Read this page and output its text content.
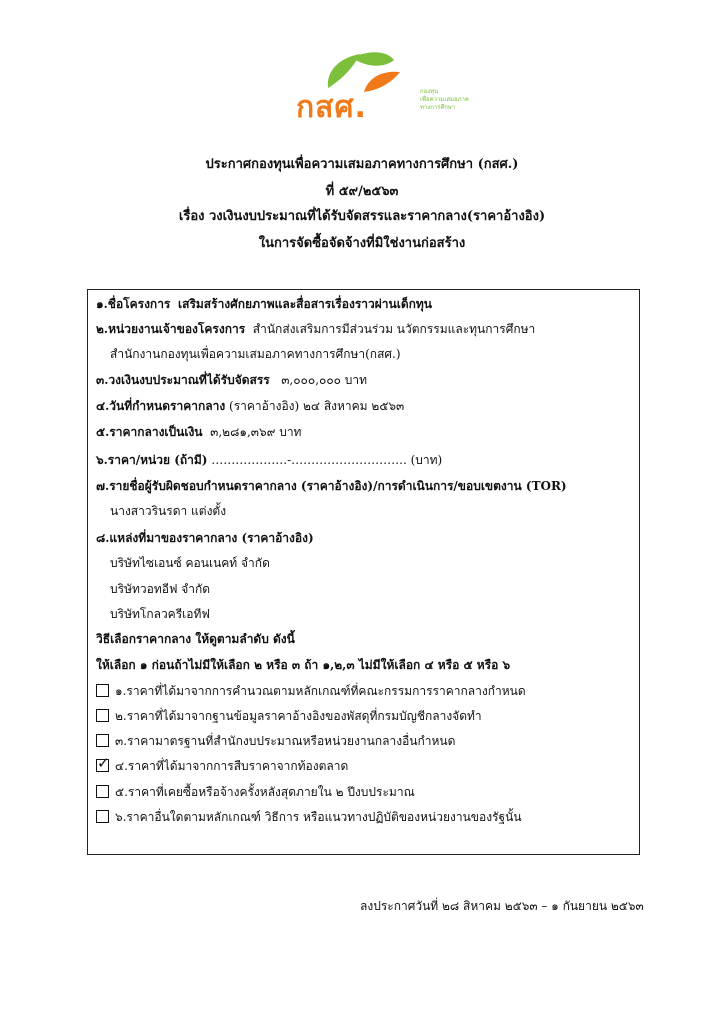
กสศ.	กองทุน
เพื่อความเสมอภาค
ทางการศึกษา
ประกาศกองทุนเพื่อความเสมอภาคทางการศึกษา (กสศ.)
ที่ ๕๙/๒๕๖๓
เรื่อง วงเงินงบประมาณที่ได้รับจัดสรรและราคากลาง(ราคาอ้างอิง)
ในการจัดซื้อจัดจ้างที่มิใช่งานก่อสร้าง
๑.ชื่อโครงการ เสริมสร้างศักยภาพและสื่อสารเรื่องราวผ่านเด็กทุน
๒.หน่วยงานเจ้าของโครงการ สำนักส่งเสริมการมีส่วนร่วม นวัตกรรมและทุนการศึกษา
สำนักงานกองทุนเพื่อความเสมอภาคทางการศึกษา(กสศ.)
๓.วงเงินงบประมาณที่ได้รับจัดสรร ๓,๐๐๐,๐๐๐ บาท
๔.วันที่กำหนดราคากลาง (ราคาอ้างอิง) ๒๔ สิงหาคม ๒๕๖๓
๕.ราคากลางเป็นเงิน ๓,๒๘๑,๓๖๙ บาท
๖.ราคา/หน่วย (ถ้ามี) ……………….-……………………….. (บาท)
๗.รายชื่อผู้รับผิดชอบกำหนดราคากลาง (ราคาอ้างอิง)/การดำเนินการ/ขอบเขตงาน (TOR)
นางสาวรินรดา แต่งตั้ง
๘.แหล่งที่มาของราคากลาง (ราคาอ้างอิง)
บริษัทไซเอนซ์ คอนเนคท์ จำกัด
บริษัทวอทอีฟ จำกัด
บริษัทโกลวครีเอทีฟ
วิธีเลือกราคากลาง ให้ดูตามลำดับ ดังนี้
ให้เลือก ๑ ก่อนถ้าไม่มีให้เลือก ๒ หรือ ๓ ถ้า ๑,๒,๓ ไม่มีให้เลือก ๔ หรือ ๕ หรือ ๖
๑.ราคาที่ได้มาจากการคำนวณตามหลักเกณฑ์ที่คณะกรรมการราคากลางกำหนด
๒.ราคาที่ได้มาจากฐานข้อมูลราคาอ้างอิงของพัสดุที่กรมบัญชีกลางจัดทำ
๓.ราคามาตรฐานที่สำนักงบประมาณหรือหน่วยงานกลางอื่นกำหนด
✓ ๔.ราคาที่ได้มาจากการสืบราคาจากท้องตลาด
๕.ราคาที่เคยซื้อหรือจ้างครั้งหลังสุดภายใน ๒ ปีงบประมาณ
๖.ราคาอื่นใดตามหลักเกณฑ์ วิธีการ หรือแนวทางปฏิบัติของหน่วยงานของรัฐนั้น
ลงประกาศวันที่ ๒๘ สิหาคม ๒๕๖๓ – ๑ กันยายน ๒๕๖๓
